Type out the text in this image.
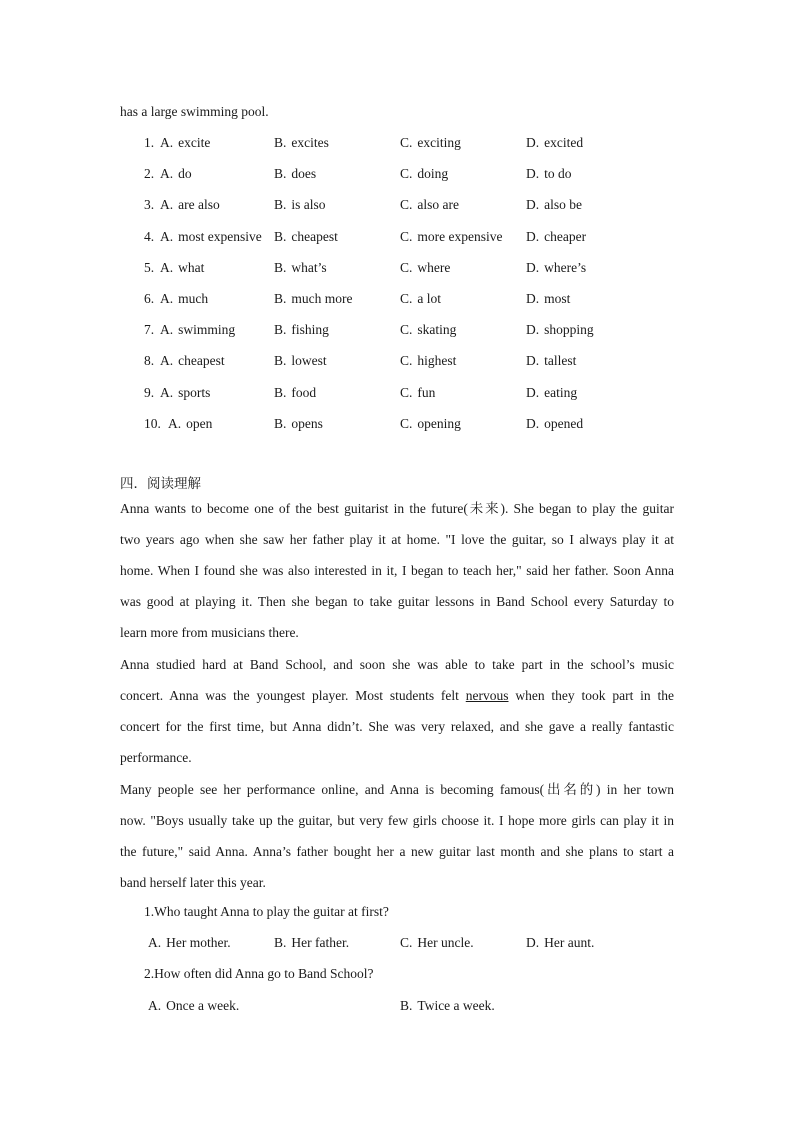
has a large swimming pool.
1. A. excite	B. excites	C. exciting	D. excited
2. A. do	B. does	C. doing	D. to do
3. A. are also	B. is also	C. also are	D. also be
4. A. most expensive B. cheapest	C. more expensive D. cheaper
5. A. what	B. what’s	C. where	D. where’s
6. A. much	B. much more	C. a lot	D. most
7. A. swimming	B. fishing	C. skating	D. shopping
8. A. cheapest	B. lowest	C. highest	D. tallest
9. A. sports	B. food	C. fun	D. eating
10. A. open	B. opens	C. opening	D. opened
四．阅读理解
Anna wants to become one of the best guitarist in the future(未来). She began to play the guitar
two years ago when she saw her father play it at home. "I love the guitar, so I always play it at
home. When I found she was also interested in it, I began to teach her," said her father. Soon Anna
was good at playing it. Then she began to take guitar lessons in Band School every Saturday to
learn more from musicians there.
Anna studied hard at Band School, and soon she was able to take part in the school’s music
concert. Anna was the youngest player. Most students felt nervous when they took part in the
concert for the first time, but Anna didn’t. She was very relaxed, and she gave a really fantastic
performance.
Many people see her performance online, and Anna is becoming famous(出名的) in her town
now. "Boys usually take up the guitar, but very few girls choose it. I hope more girls can play it in
the future," said Anna. Anna’s father bought her a new guitar last month and she plans to start a
band herself later this year.
1.Who taught Anna to play the guitar at first?
A. Her mother.	B. Her father.	C. Her uncle.	D. Her aunt.
2.How often did Anna go to Band School?
A. Once a week.	B. Twice a week.
